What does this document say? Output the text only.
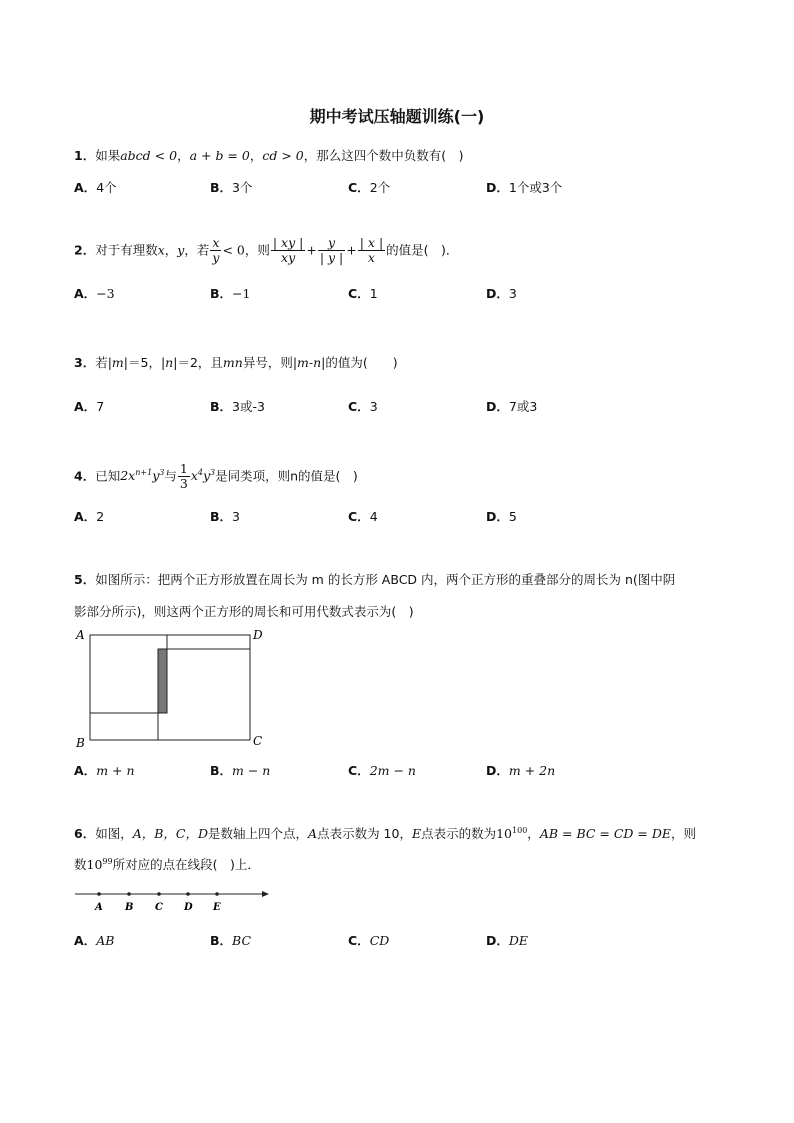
期中考试压轴题训练(一)
1．如果abcd < 0，a + b = 0，cd > 0，那么这四个数中负数有(　)
A．4个	B．3个	C．2个	D．1个或3个
2．对于有理数x，y，若 $\frac{x}{y} < 0$，则 $\frac{| xy |}{xy} + \frac{y}{| y |} + \frac{| x |}{x}$ 的值是(　)．
A．−3	B．−1	C．1	D．3
3．若|m|＝5，|n|＝2，且mn异号，则|m-n|的值为(　　)
A．7	B．3或-3	C．3	D．7或3
4．已知$2x^{n+1}y^3$与 $\frac{1}{3} x^4y^3$是同类项，则n的值是(　)
A．2	B．3	C．4	D．5
5．如图所示：把两个正方形放置在周长为 m 的长方形 ABCD 内，两个正方形的重叠部分的周长为 n(图中阴
影部分所示)，则这两个正方形的周长和可用代数式表示为(　)
A	D
B	C
A．m + n	B．m − n	C．2m − n	D．m + 2n
6．如图，A，B，C，D是数轴上四个点，A点表示数为 10，E点表示的数为$10^{100}$，AB = BC = CD = DE，则
数$10^{99}$所对应的点在线段(　)上．
A B C D E
A．AB	B．BC	C．CD	D．DE
